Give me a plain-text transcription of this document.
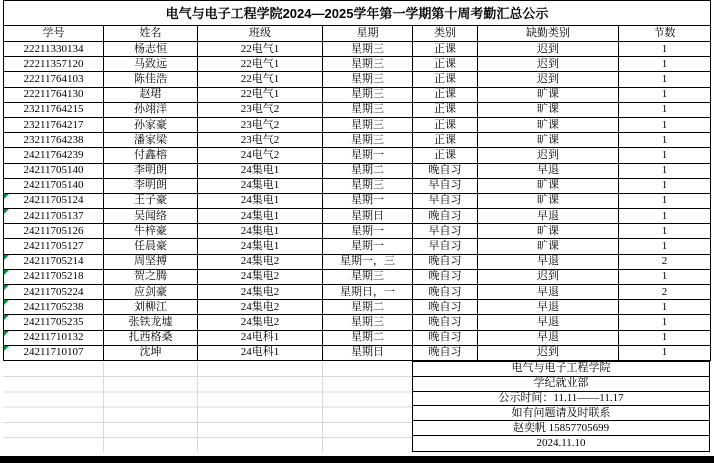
电气与电子工程学院2024—2025学年第一学期第十周考勤汇总公示						
学号	姓名	班级	星期	类别	缺勤类别	节数
22211330134	杨志恒	22电气1	星期三	正课	迟到	1
22211357120	马致远	22电气1	星期三	正课	迟到	1
22211764103	陈佳浩	22电气1	星期三	正课	迟到	1
22211764130	赵珺	22电气1	星期三	正课	旷课	1
23211764215	孙翊洋	23电气2	星期三	正课	旷课	1
23211764217	孙家豪	23电气2	星期三	正课	旷课	1
23211764238	潘家梁	23电气2	星期三	正课	旷课	1
24211764239	付鑫榕	24电气2	星期一	正课	迟到	1
24211705140	李明朗	24集电1	星期二	晚自习	早退	1
24211705140	李明朗	24集电1	星期三	早自习	旷课	1

24211705124	王子豪	24集电1	星期一	早自习	旷课	1

24211705137	吴闻络	24集电1	星期日	晚自习	早退	1
24211705126	牛梓豪	24集电1	星期一	早自习	旷课	1
24211705127	任晨豪	24集电1	星期一	早自习	旷课	1

24211705214	周坚搏	24集电2	星期一，三	晚自习	早退	2

24211705218	贺之腾	24集电2	星期三	晚自习	迟到	1

24211705224	应剑豪	24集电2	星期日，一	晚自习	早退	2

24211705238	刘柳江	24集电2	星期二	晚自习	早退	1

24211705235	张铁龙墟	24集电2	星期三	晚自习	早退	1

24211710132	扎西格桑	24电科1	星期二	晚自习	早退	1

24211710107	沈坤	24电科1	星期日	晚自习	迟到	1
电气与电子工程学院
学纪就业部
公示时间：11.11——11.17
如有问题请及时联系
赵奕帆 15857705699
2024.11.10
